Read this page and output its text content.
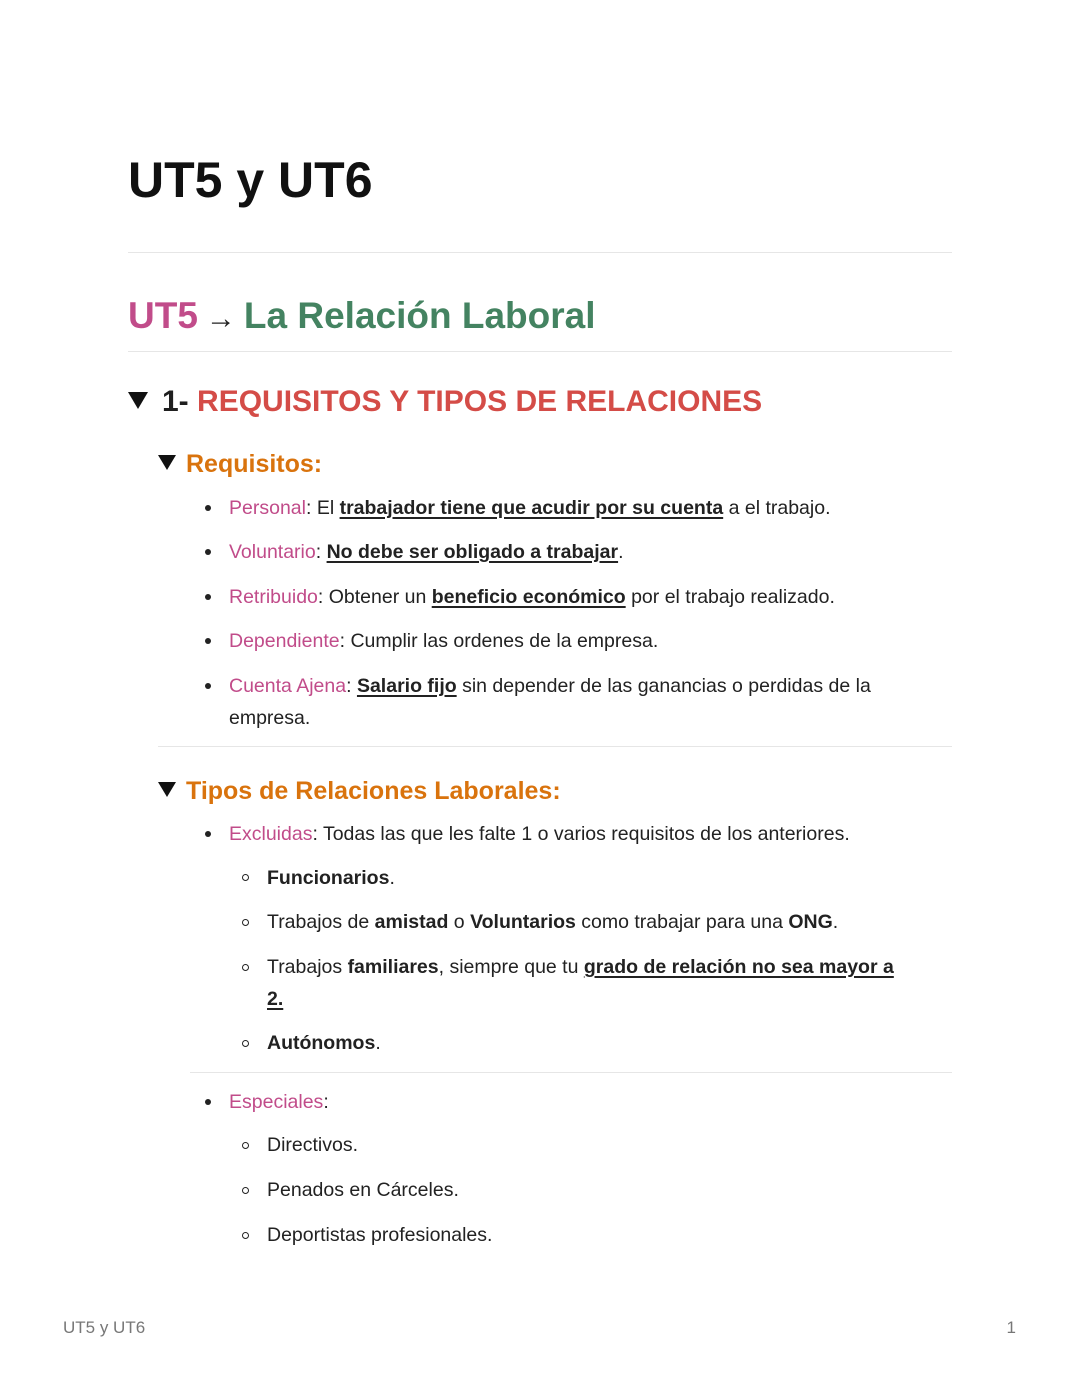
UT5 y UT6
UT5 → La Relación Laboral
1- REQUISITOS Y TIPOS DE RELACIONES
Requisitos:
Personal: El trabajador tiene que acudir por su cuenta a el trabajo.
Voluntario: No debe ser obligado a trabajar.
Retribuido: Obtener un beneficio económico por el trabajo realizado.
Dependiente: Cumplir las ordenes de la empresa.
Cuenta Ajena: Salario fijo sin depender de las ganancias o perdidas de la
empresa.
Tipos de Relaciones Laborales:
Excluidas: Todas las que les falte 1 o varios requisitos de los anteriores.
Funcionarios.
Trabajos de amistad o Voluntarios como trabajar para una ONG.
Trabajos familiares, siempre que tu grado de relación no sea mayor a
2.
Autónomos.
Especiales:
Directivos.
Penados en Cárceles.
Deportistas profesionales.
UT5 y UT6	1
